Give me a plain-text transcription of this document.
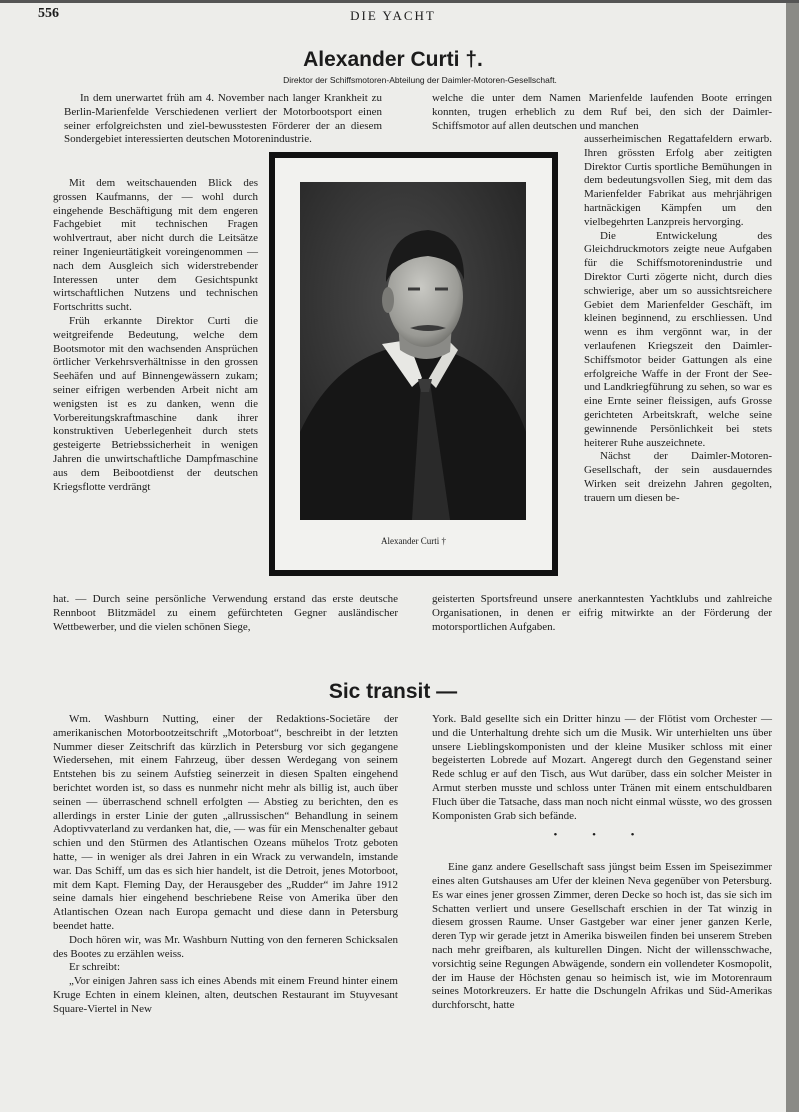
556	DIE YACHT
Alexander Curti †.
Direktor der Schiffsmotoren-Abteilung der Daimler-Motoren-Gesellschaft.

In dem unerwartet früh am 4. November nach langer Krankheit zu Berlin-Marienfelde Verschiedenen verliert der Motorbootsport einen seiner erfolgreichsten und ziel-bewusstesten Förderer der an diesem Sondergebiet interessierten deutschen Motorenindustrie.

Mit dem weitschauenden Blick des grossen Kaufmanns, der — wohl durch eingehende Beschäftigung mit dem engeren Fachgebiet mit technischen Fragen wohlvertraut, aber nicht durch die Leitsätze reiner Ingenieurtätigkeit voreingenommen — nach dem Ausgleich sich widerstrebender Interessen unter dem Gesichtspunkt wirtschaftlichen Nutzens und technischen Fortschritts sucht.

Früh erkannte Direktor Curti die weitgreifende Bedeutung, welche dem Bootsmotor mit den wachsenden Ansprüchen örtlicher Verkehrsverhältnisse in den grossen Seehäfen und auf Binnengewässern zukam; seiner eifrigen werbenden Arbeit nicht am wenigsten ist es zu danken, wenn die Vorbereitungskraftmaschine dank ihrer konstruktiven Ueberlegenheit durch stets gesteigerte Betriebssicherheit in wenigen Jahren die unwirtschaftliche Dampfmaschine aus dem Beibootdienst der deutschen Kriegsflotte verdrängt

welche die unter dem Namen Marienfelde laufenden Boote erringen konnten, trugen erheblich zu dem Ruf bei, den sich der Daimler-Schiffsmotor auf allen deutschen und manchen

ausserheimischen Regattafeldern erwarb. Ihren grössten Erfolg aber zeitigten Direktor Curtis sportliche Bemühungen in dem bedeutungsvollen Sieg, mit dem das Marienfelder Fabrikat aus mehrjährigen hartnäckigen Kämpfen um den vielbegehrten Lanzpreis hervorging.

Die Entwickelung des Gleichdruckmotors zeigte neue Aufgaben für die Schiffsmotorenindustrie und Direktor Curti zögerte nicht, durch dies schwierige, aber um so aussichtsreichere Gebiet dem Marienfelder Geschäft, im kleinen beginnend, zu erschliessen. Und wenn es ihm vergönnt war, in der verlaufenen Kriegszeit den Daimler-Schiffsmotor beider Gattungen als eine erfolgreiche Waffe in der Front der See- und Landkriegführung zu sehen, so war es eine Ernte seiner fleissigen, aufs Grosse gerichteten Arbeitskraft, welche seine gewinnende Persönlichkeit bei stets heiterer Ruhe auszeichnete.

Nächst der Daimler-Motoren-Gesellschaft, der sein ausdauerndes Wirken seit dreizehn Jahren gegolten, trauern um diesen be-

hat. — Durch seine persönliche Verwendung erstand das erste deutsche Rennboot Blitzmädel zu einem gefürchteten Gegner ausländischer Wettbewerber, und die vielen schönen Siege,

geisterten Sportsfreund unsere anerkanntesten Yachtklubs und zahlreiche Organisationen, in denen er eifrig mitwirkte an der Förderung der motorsportlichen Aufgaben.

Alexander Curti †
Sic transit —

Wm. Washburn Nutting, einer der Redaktions-Societäre der amerikanischen Motorbootzeitschrift „Motorboat“, beschreibt in der letzten Nummer dieser Zeitschrift das kürzlich in Petersburg vor sich gegangene Wiedersehen, mit einem Fahrzeug, über dessen Werdegang von seinem Entstehen bis zu seinem Aufstieg seinerzeit in diesen Spalten eingehend berichtet worden ist, so dass es nunmehr nicht mehr als billig ist, auch über seinen — überraschend schnell erfolgten — Abstieg zu berichten, den es allerdings in erster Linie der guten „allrussischen“ Behandlung in seinem Adoptivvaterland zu verdanken hat, die, — was für ein Menschenalter gebaut schien und den Stürmen des Atlantischen Ozeans mühelos Trotz geboten hatte, — in weniger als drei Jahren in ein Wrack zu verwandeln, imstande war. Das Schiff, um das es sich hier handelt, ist die Detroit, jenes Motorboot, mit dem Kapt. Fleming Day, der Herausgeber des „Rudder“ im Jahre 1912 seine damals hier eingehend beschriebene Reise von Amerika über den Atlantischen Ozean nach Europa gemacht und diese dann in Petersburg beendet hatte.

Doch hören wir, was Mr. Washburn Nutting von den ferneren Schicksalen des Bootes zu erzählen weiss.

Er schreibt:

„Vor einigen Jahren sass ich eines Abends mit einem Freund hinter einem Kruge Echten in einem kleinen, alten, deutschen Restaurant im Stuyvesant Square-Viertel in New

York. Bald gesellte sich ein Dritter hinzu — der Flötist vom Orchester — und die Unterhaltung drehte sich um die Musik. Wir unterhielten uns über unsere Lieblingskomponisten und der kleine Musiker schloss mit einer begeisterten Lobrede auf Mozart. Angeregt durch den Gegenstand seiner Rede schlug er auf den Tisch, aus Wut darüber, dass ein solcher Meister in Armut sterben musste und schloss unter Tränen mit einem entschuldbaren Fluch über die Tatsache, dass man noch nicht einmal wüsste, wo des grossen Komponisten Grab sich befände.

• • •

Eine ganz andere Gesellschaft sass jüngst beim Essen im Speisezimmer eines alten Gutshauses am Ufer der kleinen Neva gegenüber von Petersburg. Es war eines jener grossen Zimmer, deren Decke so hoch ist, das sie sich im Schatten verliert und unsere Gesellschaft erschien in der Tat winzig in diesem grossen Raume. Unser Gastgeber war einer jener ganzen Kerle, deren Typ wir gerade jetzt in Amerika bisweilen finden bei unserem Streben nach mehr greifbaren, als kulturellen Dingen. Nicht der willensschwache, vorsichtig seine Regungen Abwägende, sondern ein vollendeter Kosmopolit, der im Hause der Höchsten genau so heimisch ist, wie im Motorenraum seines Motorkreuzers. Er hatte die Dschungeln Afrikas und Süd-Amerikas durchforscht, hatte
